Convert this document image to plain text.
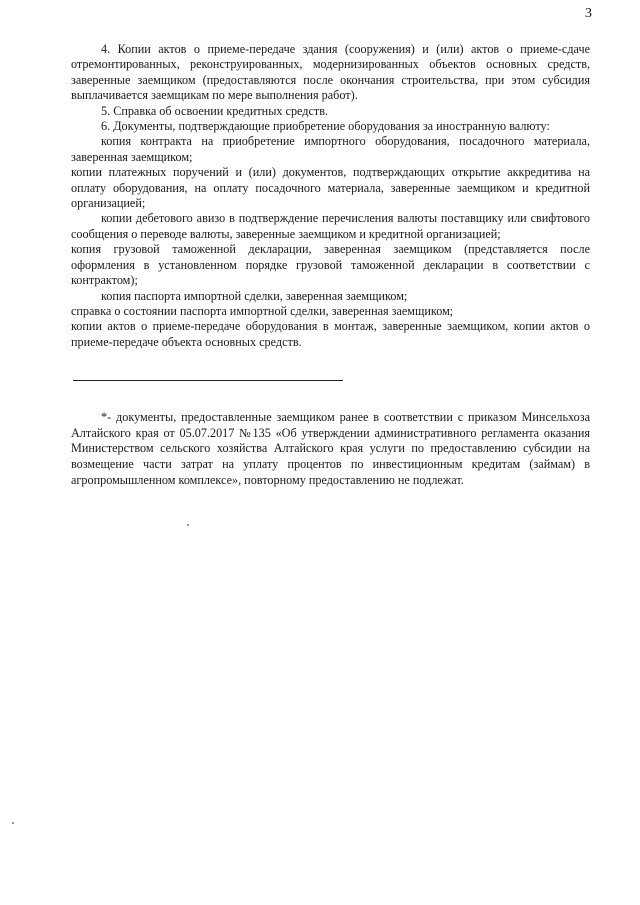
3

4. Копии актов о приеме-передаче здания (сооружения) и (или) актов о приеме-сдаче отремонтированных, реконструированных, модернизированных объектов основных средств, заверенные заемщиком (предоставляются после окончания строительства, при этом субсидия выплачивается заемщикам по мере выполнения работ).

5. Справка об освоении кредитных средств.

6. Документы, подтверждающие приобретение оборудования за иностранную валюту:

копия контракта на приобретение импортного оборудования, посадочного материала, заверенная заемщиком;

копии платежных поручений и (или) документов, подтверждающих открытие аккредитива на оплату оборудования, на оплату посадочного материала, заверенные заемщиком и кредитной организацией;

копии дебетового авизо в подтверждение перечисления валюты поставщику или свифтового сообщения о переводе валюты, заверенные заемщиком и кредитной организацией;

копия грузовой таможенной декларации, заверенная заемщиком (представляется после оформления в установленном порядке грузовой таможенной декларации в соответствии с контрактом);

копия паспорта импортной сделки, заверенная заемщиком;

справка о состоянии паспорта импортной сделки, заверенная заемщиком;

копии актов о приеме-передаче оборудования в монтаж, заверенные заемщиком, копии актов о приеме-передаче объекта основных средств.

*- документы, предоставленные заемщиком ранее в соответствии с приказом Минсельхоза Алтайского края от 05.07.2017 №135 «Об утверждении административного регламента оказания Министерством сельского хозяйства Алтайского края услуги по предоставлению субсидии на возмещение части затрат на уплату процентов по инвестиционным кредитам (займам) в агропромышленном комплексе», повторному предоставлению не подлежат.
